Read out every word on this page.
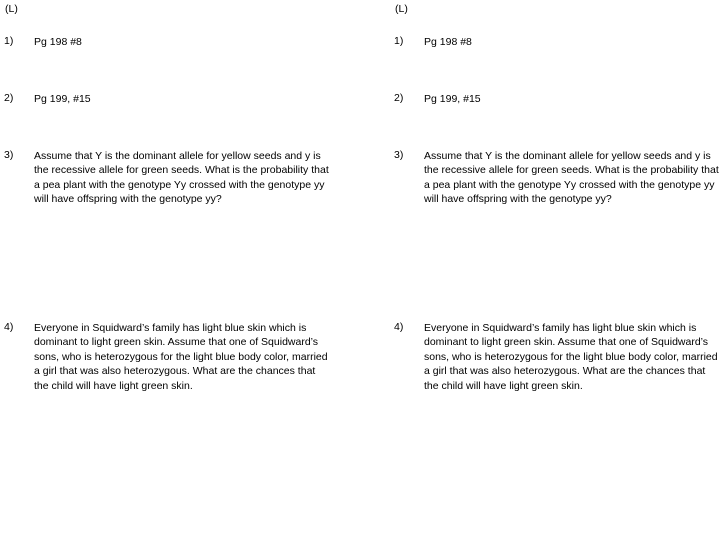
(L)
1)	Pg 198 #8
2)	Pg 199, #15
3)	Assume that Y is the dominant allele for yellow seeds and y is the recessive allele for green seeds. What is the probability that a pea plant with the genotype Yy crossed with the genotype yy will have offspring with the genotype yy?
4)	Everyone in Squidward’s family has light blue skin which is dominant to light green skin. Assume that one of Squidward’s sons, who is heterozygous for the light blue body color, married a girl that was also heterozygous. What are the chances that the child will have light green skin.
(L)
1)	Pg 198 #8
2)	Pg 199, #15
3)	Assume that Y is the dominant allele for yellow seeds and y is the recessive allele for green seeds. What is the probability that a pea plant with the genotype Yy crossed with the genotype yy will have offspring with the genotype yy?
4)	Everyone in Squidward’s family has light blue skin which is dominant to light green skin. Assume that one of Squidward’s sons, who is heterozygous for the light blue body color, married a girl that was also heterozygous. What are the chances that the child will have light green skin.
